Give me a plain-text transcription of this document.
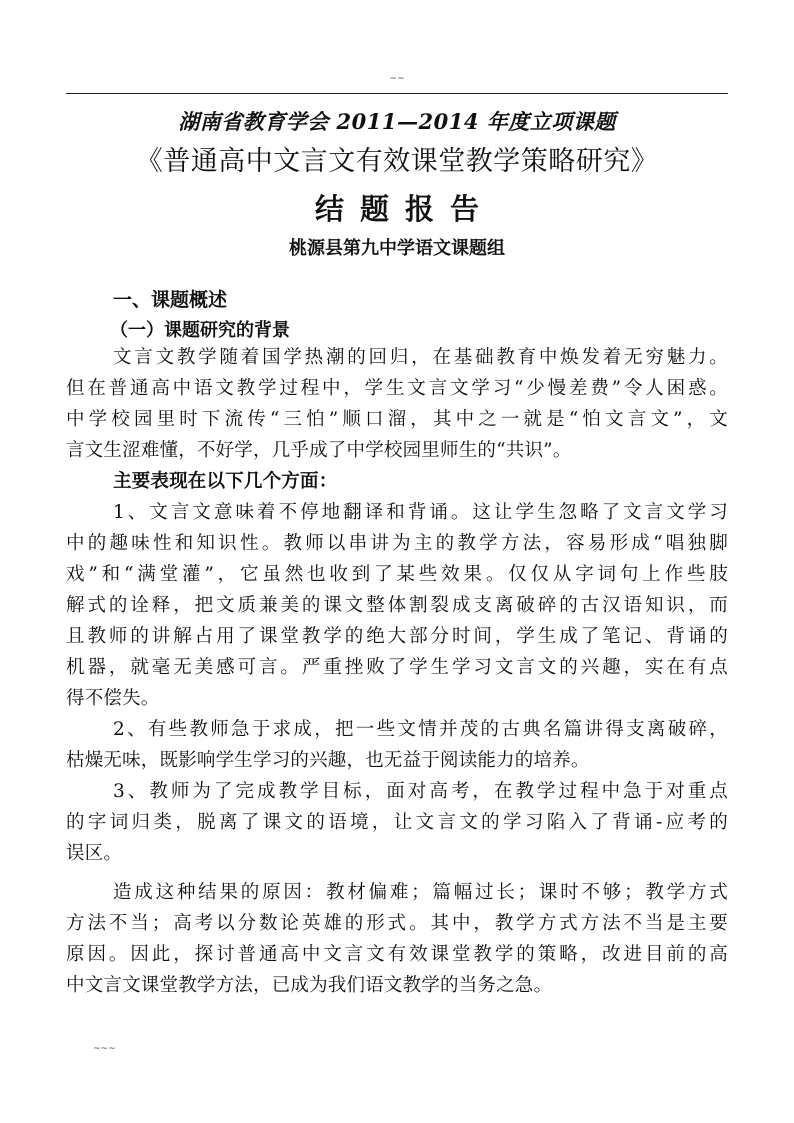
~~
湖南省教育学会 2011—2014 年度立项课题
《普通高中文言文有效课堂教学策略研究》
结题报告
桃源县第九中学语文课题组
一、课题概述
（一）课题研究的背景
文言文教学随着国学热潮的回归，在基础教育中焕发着无穷魅力。
但在普通高中语文教学过程中，学生文言文学习“少慢差费”令人困惑。
中学校园里时下流传“三怕”顺口溜，其中之一就是“怕文言文”，文
言文生涩难懂，不好学，几乎成了中学校园里师生的“共识”。
主要表现在以下几个方面：
1、文言文意味着不停地翻译和背诵。这让学生忽略了文言文学习
中的趣味性和知识性。教师以串讲为主的教学方法，容易形成“唱独脚
戏”和“满堂灌”，它虽然也收到了某些效果。仅仅从字词句上作些肢
解式的诠释，把文质兼美的课文整体割裂成支离破碎的古汉语知识，而
且教师的讲解占用了课堂教学的绝大部分时间，学生成了笔记、背诵的
机器，就毫无美感可言。严重挫败了学生学习文言文的兴趣，实在有点
得不偿失。
2、有些教师急于求成，把一些文情并茂的古典名篇讲得支离破碎，
枯燥无味，既影响学生学习的兴趣，也无益于阅读能力的培养。
3、教师为了完成教学目标，面对高考，在教学过程中急于对重点
的字词归类，脱离了课文的语境，让文言文的学习陷入了背诵-应考的
误区。
造成这种结果的原因：教材偏难；篇幅过长；课时不够；教学方式
方法不当；高考以分数论英雄的形式。其中，教学方式方法不当是主要
原因。因此，探讨普通高中文言文有效课堂教学的策略，改进目前的高
中文言文课堂教学方法，已成为我们语文教学的当务之急。
~~~
